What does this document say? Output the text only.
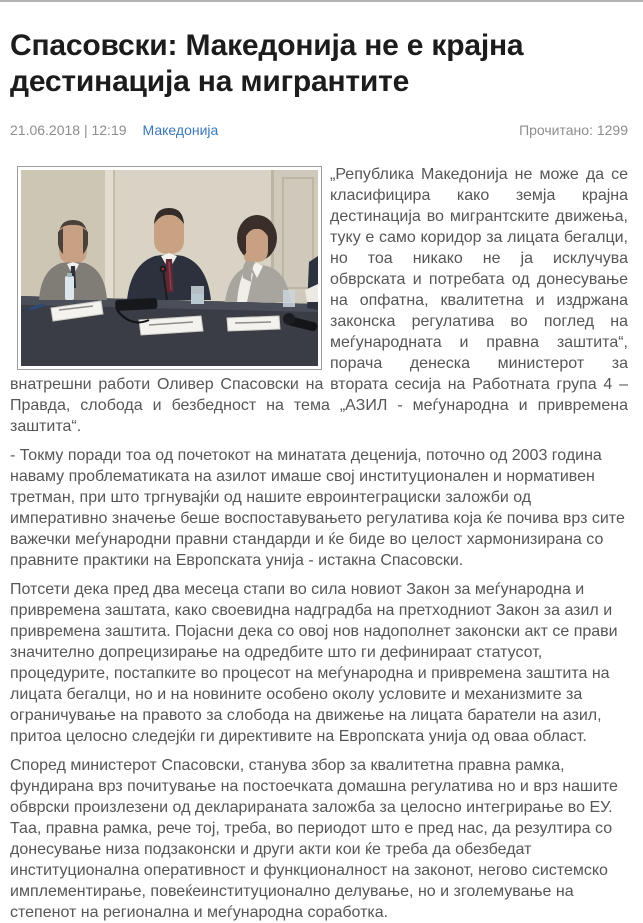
Спасовски: Македонија не е крајна дестинација на мигрантите
21.06.2018 | 12:19 Македонија	Прочитано: 1299

„Република Македонија не може да се класифицира како земја крајна дестинација во мигрантските движења, туку е само коридор за лицата бегалци, но тоа никако не ја исклучува обврската и потребата од донесување на опфатна, квалитетна и издржана законска регулатива во поглед на меѓународната и правна заштита“, порача денеска министерот за внатрешни работи Оливер Спасовски на втората сесија на Работната група 4 – Правда, слобода и безбедност на тема „АЗИЛ - меѓународна и привремена заштита“.

- Токму поради тоа од почетокот на минатата деценија, поточно од 2003 година наваму проблематиката на азилот имаше свој институционален и нормативен третман, при што тргнувајќи од нашите евроинтеграциски заложби од императивно значење беше воспоставувањето регулатива која ќе почива врз сите важечки меѓународни правни стандарди и ќе биде во целост хармонизирана со правните практики на Европската унија - истакна Спасовски.

Потсети дека пред два месеца стапи во сила новиот Закон за меѓународна и привремена заштата, како своевидна надградба на претходниот Закон за азил и привремена заштита. Појасни дека со овој нов надополнет законски акт се прави значително допрецизирање на одредбите што ги дефинираат статусот, процедурите, постапките во процесот на меѓународна и привремена заштита на лицата бегалци, но и на новините особено околу условите и механизмите за ограничување на правото за слобода на движење на лицата баратели на азил, притоа целосно следејќи ги директивите на Европската унија од оваа област.

Според министерот Спасовски, станува збор за квалитетна правна рамка, фундирана врз почитување на постоечката домашна регулатива но и врз нашите обврски произлезени од декларираната заложба за целосно интегрирање во ЕУ. Таа, правна рамка, рече тој, треба, во периодот што е пред нас, да резултира со донесување низа подзаконски и други акти кои ќе треба да обезбедат институционална оперативност и функционалност на законот, негово системско имплементирање, повеќеинституционално делување, но и зголемување на степенот на регионална и меѓународна соработка.
